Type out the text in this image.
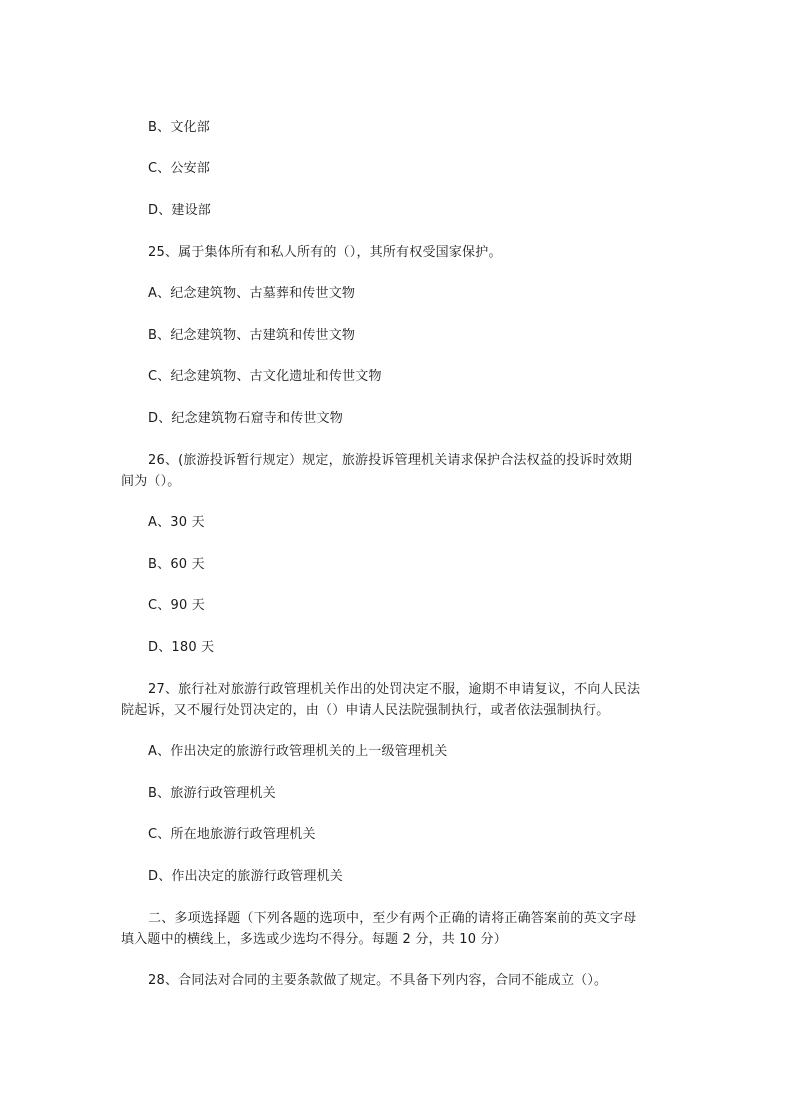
B、文化部
C、公安部
D、建设部
25、属于集体所有和私人所有的（），其所有权受国家保护。
A、纪念建筑物、古墓葬和传世文物
B、纪念建筑物、古建筑和传世文物
C、纪念建筑物、古文化遗址和传世文物
D、纪念建筑物石窟寺和传世文物
26、(旅游投诉暂行规定）规定，旅游投诉管理机关请求保护合法权益的投诉时效期
间为（）。
A、30 天
B、60 天
C、90 天
D、180 天
27、旅行社对旅游行政管理机关作出的处罚决定不服，逾期不申请复议，不向人民法
院起诉，又不履行处罚决定的，由（）申请人民法院强制执行，或者依法强制执行。
A、作出决定的旅游行政管理机关的上一级管理机关
B、旅游行政管理机关
C、所在地旅游行政管理机关
D、作出决定的旅游行政管理机关
二、多项选择题（下列各题的选项中，至少有两个正确的请将正确答案前的英文字母
填入题中的横线上，多选或少选均不得分。每题 2 分，共 10 分）
28、合同法对合同的主要条款做了规定。不具备下列内容，合同不能成立（）。
